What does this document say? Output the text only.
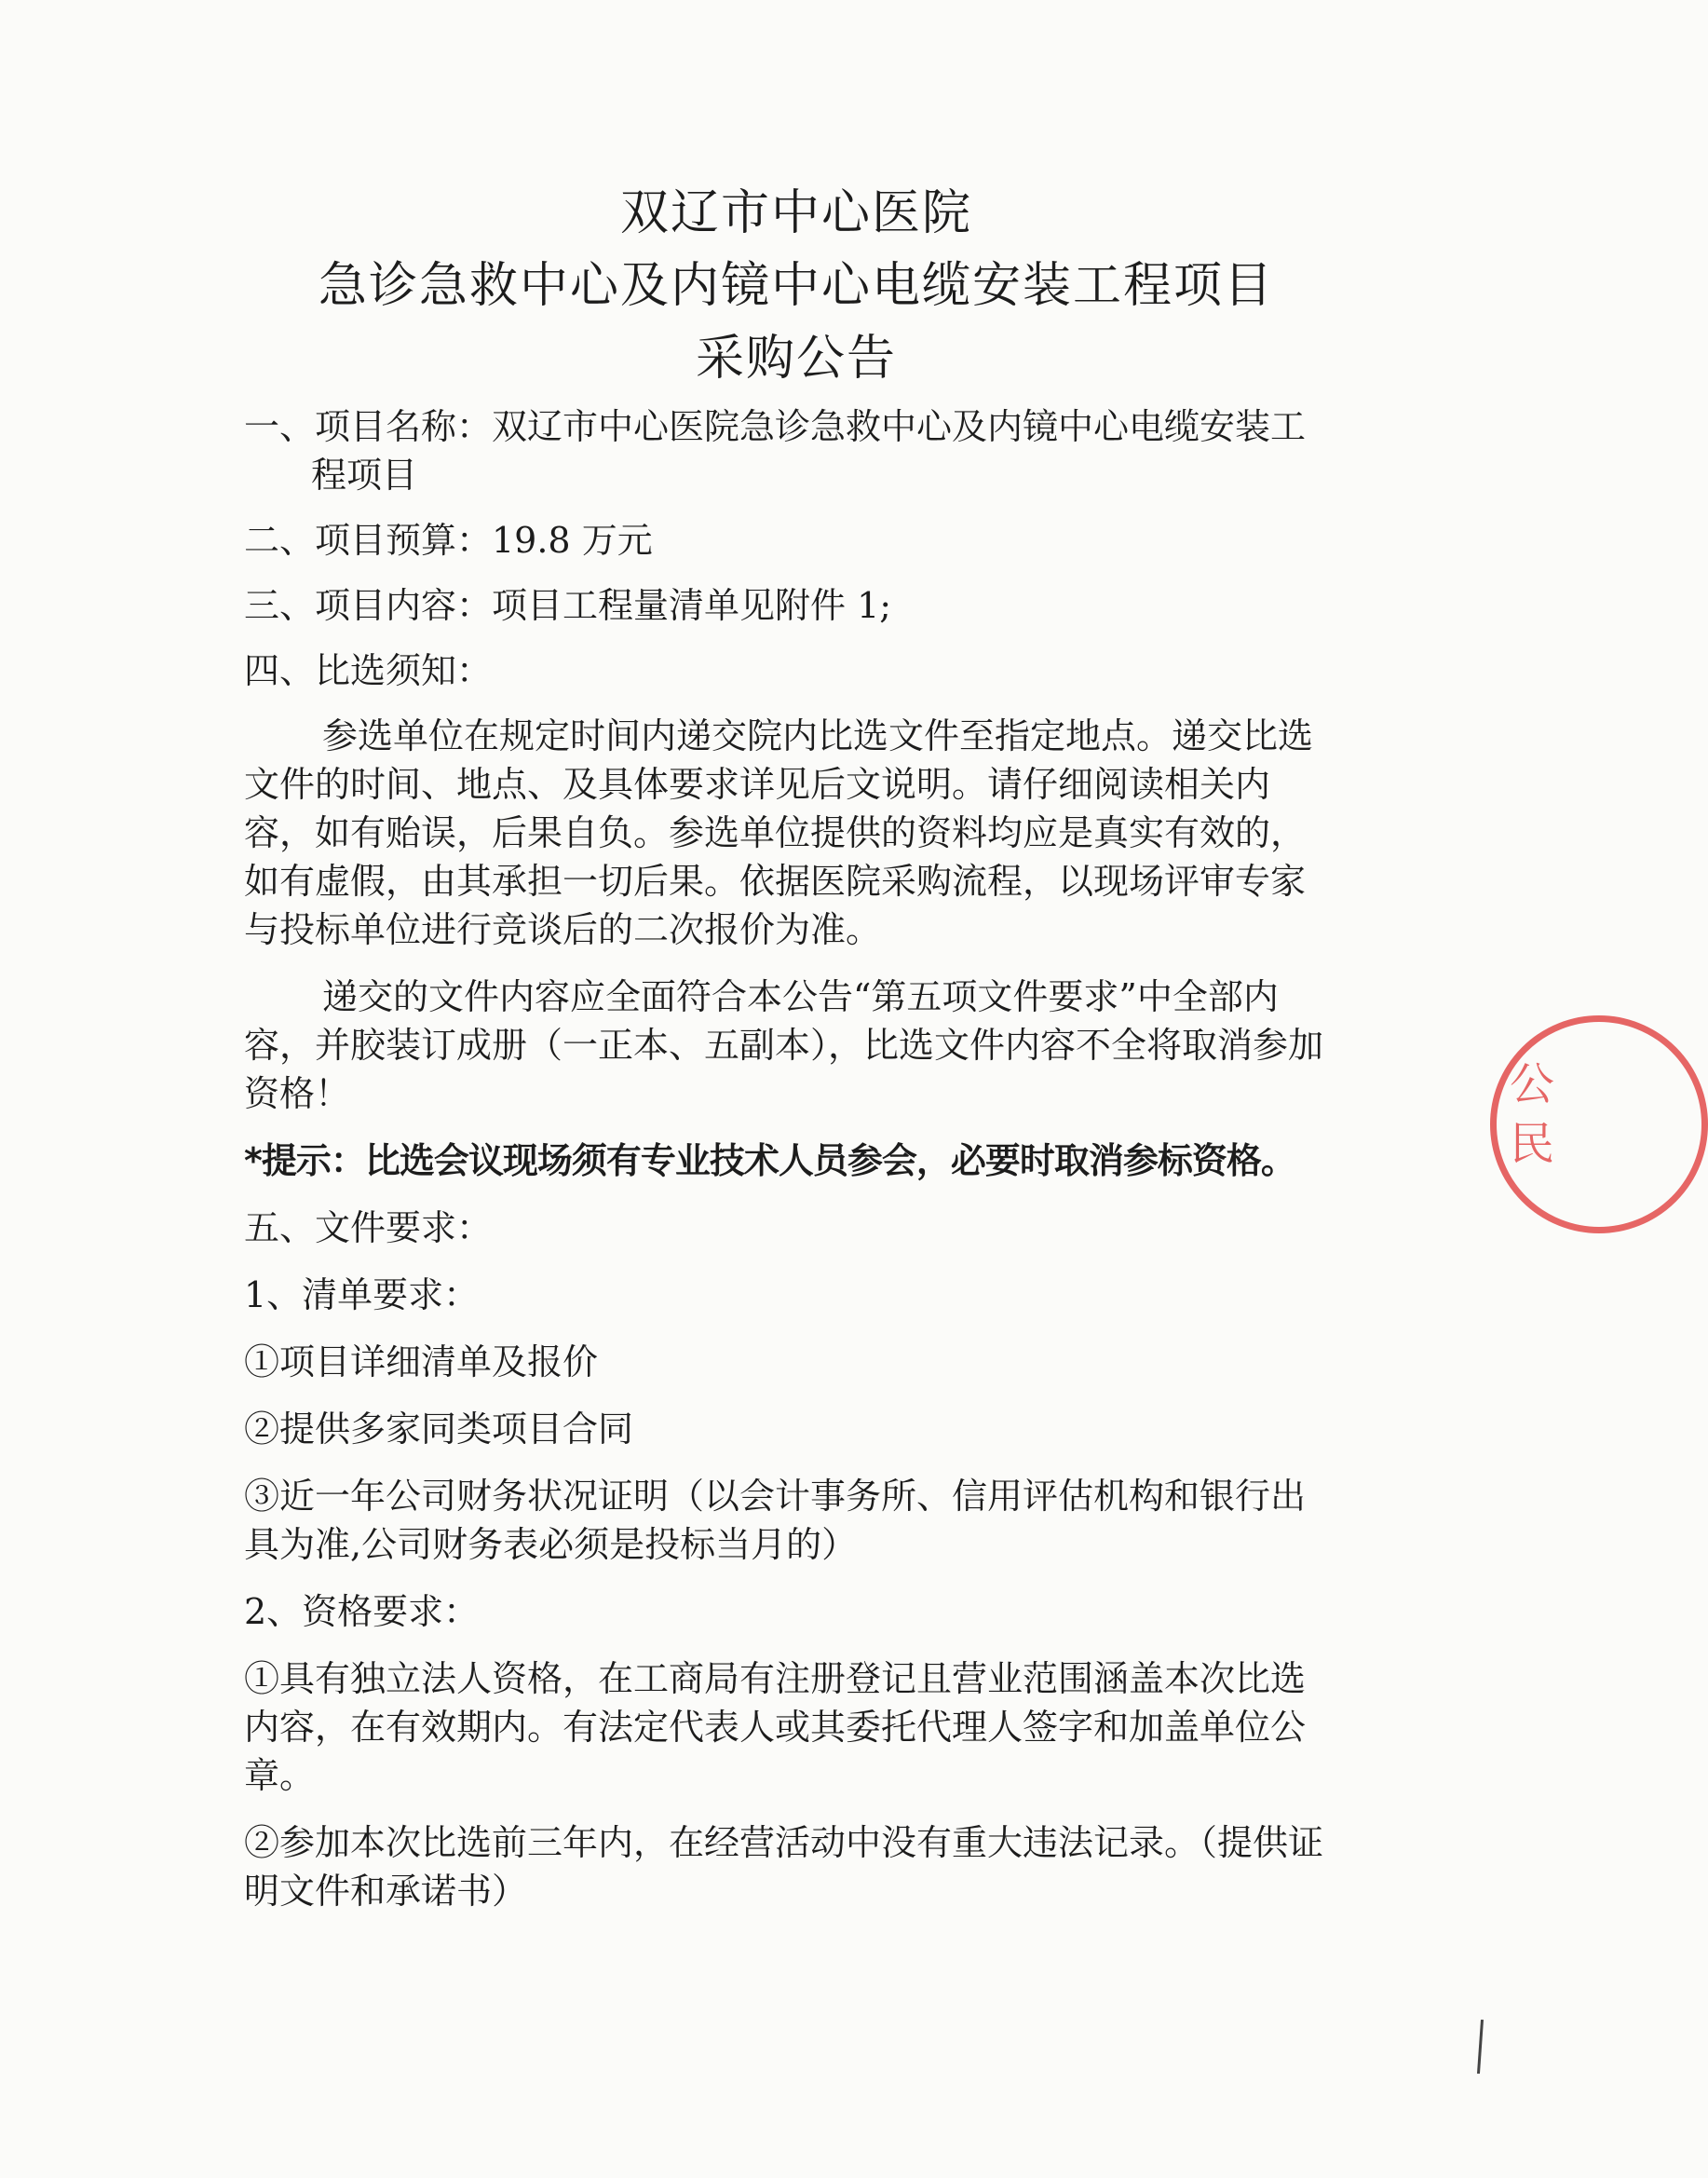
双辽市中心医院
急诊急救中心及内镜中心电缆安装工程项目
采购公告
一、项目名称：双辽市中心医院急诊急救中心及内镜中心电缆安装工程项目
二、项目预算：19.8 万元
三、项目内容：项目工程量清单见附件 1;
四、比选须知：
参选单位在规定时间内递交院内比选文件至指定地点。递交比选文件的时间、地点、及具体要求详见后文说明。请仔细阅读相关内容，如有贻误，后果自负。参选单位提供的资料均应是真实有效的，如有虚假，由其承担一切后果。依据医院采购流程，以现场评审专家与投标单位进行竞谈后的二次报价为准。
递交的文件内容应全面符合本公告“第五项文件要求”中全部内容，并胶装订成册（一正本、五副本），比选文件内容不全将取消参加资格！
*提示：比选会议现场须有专业技术人员参会，必要时取消参标资格。
五、文件要求：
1、清单要求：
①项目详细清单及报价
②提供多家同类项目合同
③近一年公司财务状况证明（以会计事务所、信用评估机构和银行出具为准,公司财务表必须是投标当月的）
2、资格要求：
①具有独立法人资格，在工商局有注册登记且营业范围涵盖本次比选内容，在有效期内。有法定代表人或其委托代理人签字和加盖单位公章。
②参加本次比选前三年内，在经营活动中没有重大违法记录。（提供证明文件和承诺书）
公
民
